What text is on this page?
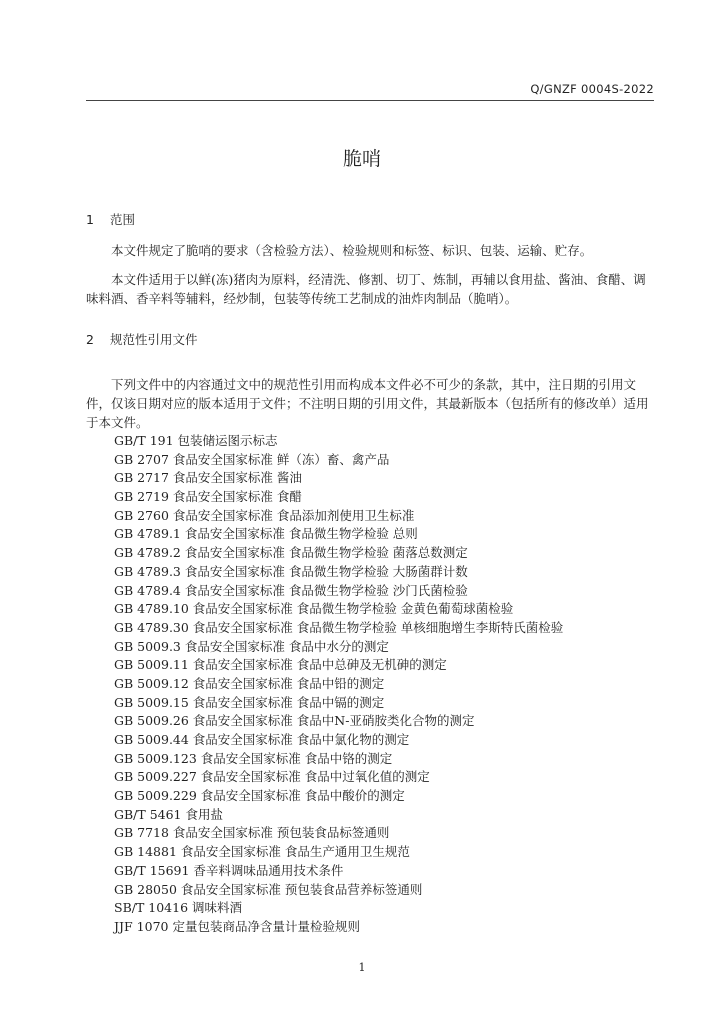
Q/GNZF 0004S-2022
脆哨
1 范围

本文件规定了脆哨的要求（含检验方法）、检验规则和标签、标识、包装、运输、贮存。

本文件适用于以鲜(冻)猪肉为原料，经清洗、修割、切丁、炼制，再辅以食用盐、酱油、食醋、调味料酒、香辛料等辅料，经炒制，包装等传统工艺制成的油炸肉制品（脆哨）。

2 规范性引用文件

下列文件中的内容通过文中的规范性引用而构成本文件必不可少的条款，其中，注日期的引用文件，仅该日期对应的版本适用于文件；不注明日期的引用文件，其最新版本（包括所有的修改单）适用于本文件。

GB/T 191 包装储运图示标志
GB 2707 食品安全国家标准 鲜（冻）畜、禽产品
GB 2717 食品安全国家标准 酱油
GB 2719 食品安全国家标准 食醋
GB 2760 食品安全国家标准 食品添加剂使用卫生标准
GB 4789.1 食品安全国家标准 食品微生物学检验 总则
GB 4789.2 食品安全国家标准 食品微生物学检验 菌落总数测定
GB 4789.3 食品安全国家标准 食品微生物学检验 大肠菌群计数
GB 4789.4 食品安全国家标准 食品微生物学检验 沙门氏菌检验
GB 4789.10 食品安全国家标准 食品微生物学检验 金黄色葡萄球菌检验
GB 4789.30 食品安全国家标准 食品微生物学检验 单核细胞增生李斯特氏菌检验
GB 5009.3 食品安全国家标准 食品中水分的测定
GB 5009.11 食品安全国家标准 食品中总砷及无机砷的测定
GB 5009.12 食品安全国家标准 食品中铅的测定
GB 5009.15 食品安全国家标准 食品中镉的测定
GB 5009.26 食品安全国家标准 食品中N-亚硝胺类化合物的测定
GB 5009.44 食品安全国家标准 食品中氯化物的测定
GB 5009.123 食品安全国家标准 食品中铬的测定
GB 5009.227 食品安全国家标准 食品中过氧化值的测定
GB 5009.229 食品安全国家标准 食品中酸价的测定
GB/T 5461 食用盐
GB 7718 食品安全国家标准 预包装食品标签通则
GB 14881 食品安全国家标准 食品生产通用卫生规范
GB/T 15691 香辛料调味品通用技术条件
GB 28050 食品安全国家标准 预包装食品营养标签通则
SB/T 10416 调味料酒
JJF 1070 定量包装商品净含量计量检验规则
1
